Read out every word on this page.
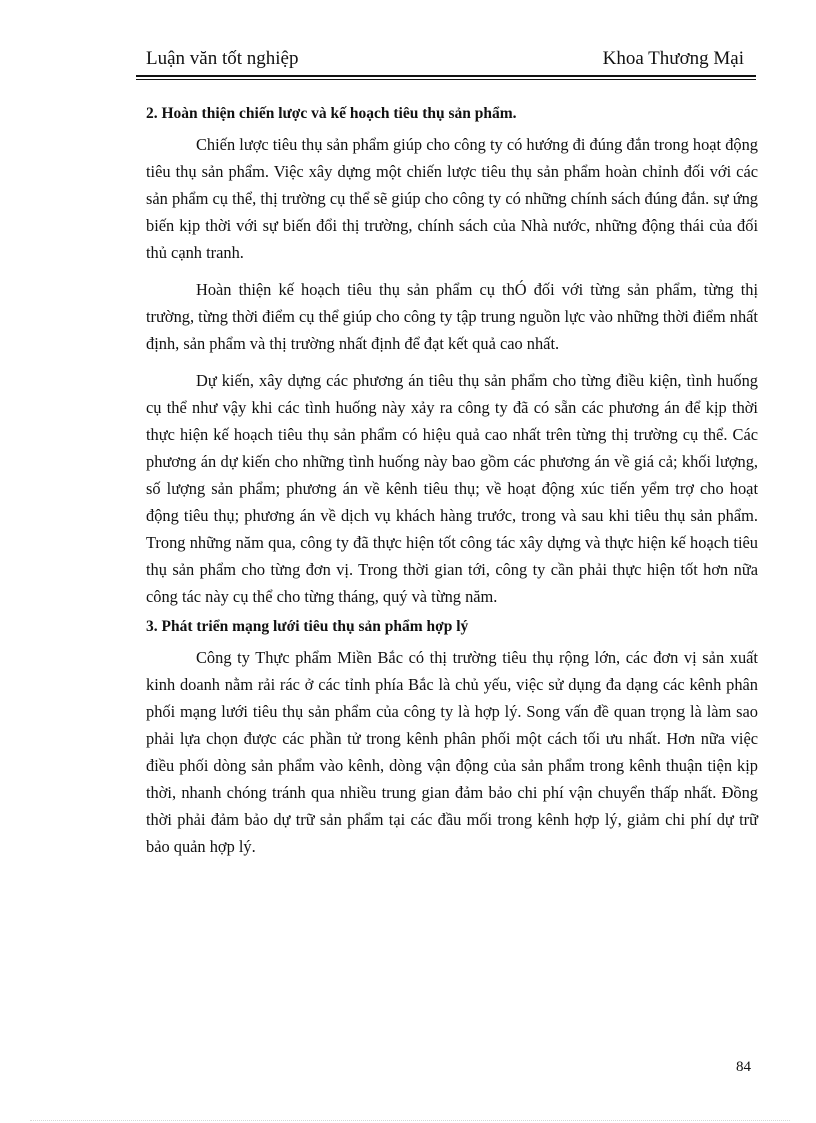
Luận văn tốt nghiệp	Khoa Thương Mại
2. Hoàn thiện chiến lược và kế hoạch tiêu thụ sản phẩm.

Chiến lược tiêu thụ sản phẩm giúp cho công ty có hướng đi đúng đắn trong hoạt động tiêu thụ sản phẩm. Việc xây dựng một chiến lược tiêu thụ sản phẩm hoàn chỉnh đối với các sản phẩm cụ thể, thị trường cụ thể sẽ giúp cho công ty có những chính sách đúng đắn. sự ứng biến kịp thời với sự biến đổi thị trường, chính sách của Nhà nước, những động thái của đối thủ cạnh tranh.

Hoàn thiện kế hoạch tiêu thụ sản phẩm cụ thÓ đối với từng sản phẩm, từng thị trường, từng thời điểm cụ thể giúp cho công ty tập trung nguồn lực vào những thời điểm nhất định, sản phẩm và thị trường nhất định để đạt kết quả cao nhất.

Dự kiến, xây dựng các phương án tiêu thụ sản phẩm cho từng điều kiện, tình huống cụ thể như vậy khi các tình huống này xảy ra công ty đã có sẵn các phương án để kịp thời thực hiện kế hoạch tiêu thụ sản phẩm có hiệu quả cao nhất trên từng thị trường cụ thể. Các phương án dự kiến cho những tình huống này bao gồm các phương án về giá cả; khối lượng, số lượng sản phẩm; phương án về kênh tiêu thụ; về hoạt động xúc tiến yểm trợ cho hoạt động tiêu thụ; phương án về dịch vụ khách hàng trước, trong và sau khi tiêu thụ sản phẩm. Trong những năm qua, công ty đã thực hiện tốt công tác xây dựng và thực hiện kế hoạch tiêu thụ sản phẩm cho từng đơn vị. Trong thời gian tới, công ty cần phải thực hiện tốt hơn nữa công tác này cụ thể cho từng tháng, quý và từng năm.

3. Phát triển mạng lưới tiêu thụ sản phẩm hợp lý

Công ty Thực phẩm Miền Bắc có thị trường tiêu thụ rộng lớn, các đơn vị sản xuất kinh doanh nằm rải rác ở các tỉnh phía Bắc là chủ yếu, việc sử dụng đa dạng các kênh phân phối mạng lưới tiêu thụ sản phẩm của công ty là hợp lý. Song vấn đề quan trọng là làm sao phải lựa chọn được các phần tử trong kênh phân phối một cách tối ưu nhất. Hơn nữa việc điều phối dòng sản phẩm vào kênh, dòng vận động của sản phẩm trong kênh thuận tiện kịp thời, nhanh chóng tránh qua nhiều trung gian đảm bảo chi phí vận chuyển thấp nhất. Đồng thời phải đảm bảo dự trữ sản phẩm tại các đầu mối trong kênh hợp lý, giảm chi phí dự trữ bảo quản hợp lý.

84
